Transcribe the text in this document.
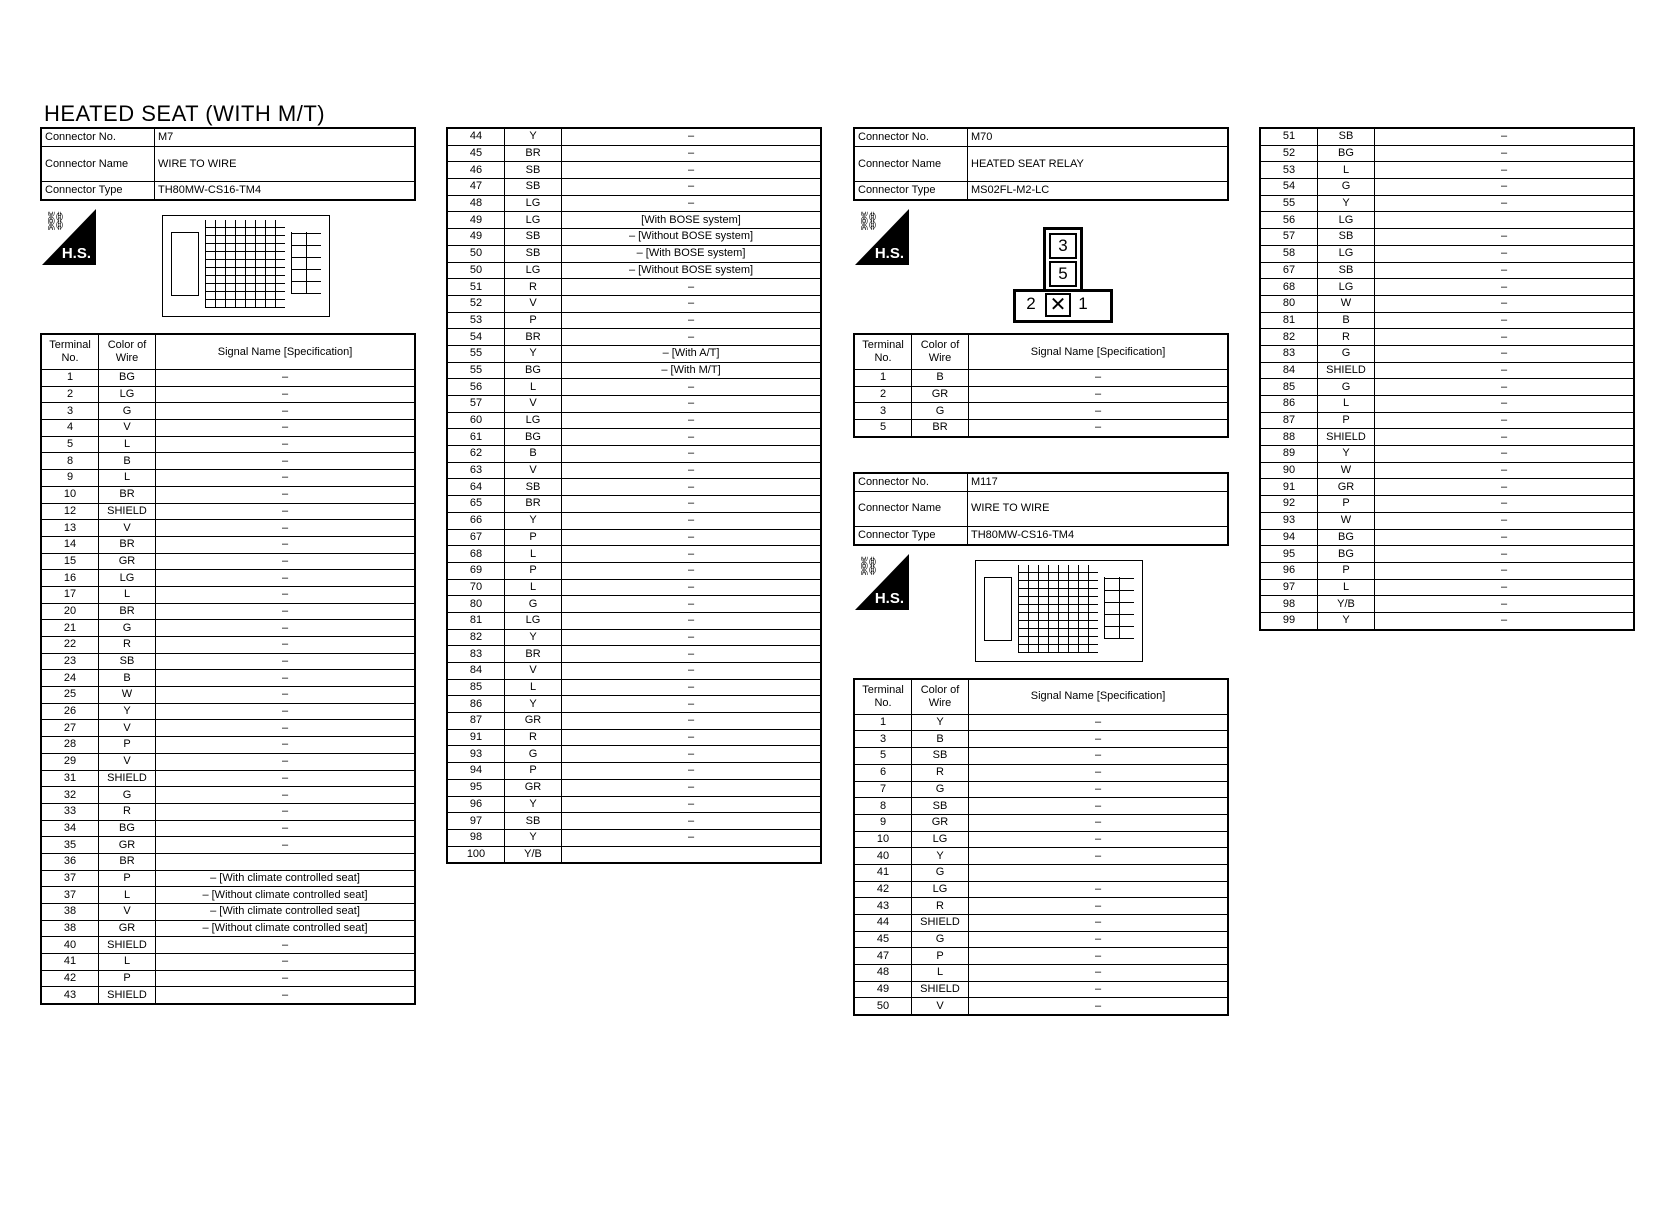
HEATED SEAT (WITH M/T)
Connector No.	M7
Connector Name	WIRE TO WIRE
Connector Type	TH80MW-CS16-TM4
⛓
H.S.
Terminal No.	Color of Wire	Signal Name [Specification]
1	BG	–
2	LG	–
3	G	–
4	V	–
5	L	–
8	B	–
9	L	–
10	BR	–
12	SHIELD	–
13	V	–
14	BR	–
15	GR	–
16	LG	–
17	L	–
20	BR	–
21	G	–
22	R	–
23	SB	–
24	B	–
25	W	–
26	Y	–
27	V	–
28	P	–
29	V	–
31	SHIELD	–
32	G	–
33	R	–
34	BG	–
35	GR	–
36	BR	
37	P	– [With climate controlled seat]
37	L	– [Without climate controlled seat]
38	V	– [With climate controlled seat]
38	GR	– [Without climate controlled seat]
40	SHIELD	–
41	L	–
42	P	–
43	SHIELD	–
44	Y	–
45	BR	–
46	SB	–
47	SB	–
48	LG	–
49	LG	[With BOSE system]
49	SB	– [Without BOSE system]
50	SB	– [With BOSE system]
50	LG	– [Without BOSE system]
51	R	–
52	V	–
53	P	–
54	BR	–
55	Y	– [With A/T]
55	BG	– [With M/T]
56	L	–
57	V	–
60	LG	–
61	BG	–
62	B	–
63	V	–
64	SB	–
65	BR	–
66	Y	–
67	P	–
68	L	–
69	P	–
70	L	–
80	G	–
81	LG	–
82	Y	–
83	BR	–
84	V	–
85	L	–
86	Y	–
87	GR	–
91	R	–
93	G	–
94	P	–
95	GR	–
96	Y	–
97	SB	–
98	Y	–
100	Y/B	
Connector No.	M70
Connector Name	HEATED SEAT RELAY
Connector Type	MS02FL-M2-LC
⛓
H.S.	3
5
2 ✕ 1
Terminal No.	Color of Wire	Signal Name [Specification]
1	B	–
2	GR	–
3	G	–
5	BR	–
Connector No.	M117
Connector Name	WIRE TO WIRE
Connector Type	TH80MW-CS16-TM4
⛓
H.S.
Terminal No.	Color of Wire	Signal Name [Specification]
1	Y	–
3	B	–
5	SB	–
6	R	–
7	G	–
8	SB	–
9	GR	–
10	LG	–
40	Y	–
41	G	
42	LG	–
43	R	–
44	SHIELD	–
45	G	–
47	P	–
48	L	–
49	SHIELD	–
50	V	–
51	SB	–
52	BG	–
53	L	–
54	G	–
55	Y	–
56	LG	
57	SB	–
58	LG	–
67	SB	–
68	LG	–
80	W	–
81	B	–
82	R	–
83	G	–
84	SHIELD	–
85	G	–
86	L	–
87	P	–
88	SHIELD	–
89	Y	–
90	W	–
91	GR	–
92	P	–
93	W	–
94	BG	–
95	BG	–
96	P	–
97	L	–
98	Y/B	–
99	Y	–
